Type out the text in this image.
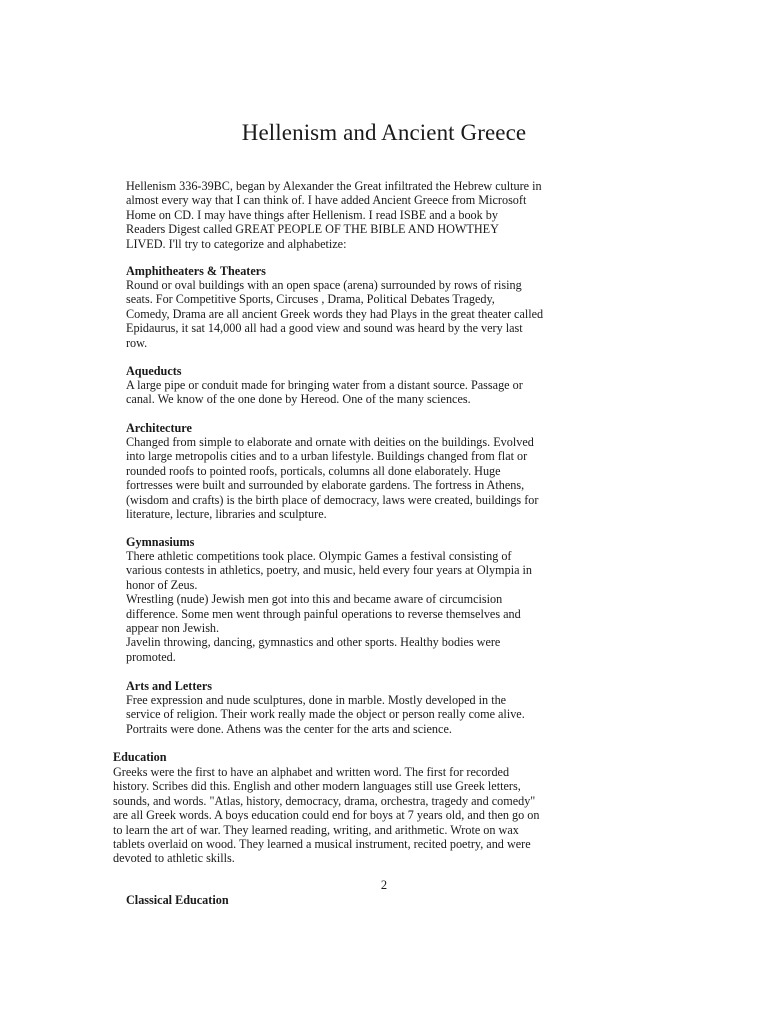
Hellenism and Ancient Greece

Hellenism 336-39BC, began by Alexander the Great infiltrated the Hebrew culture in
almost every way that I can think of. I have added Ancient Greece from Microsoft
Home on CD. I may have things after Hellenism. I read ISBE and a book by
Readers Digest called GREAT PEOPLE OF THE BIBLE AND HOWTHEY
LIVED. I'll try to categorize and alphabetize:

Amphitheaters & Theaters

Round or oval buildings with an open space (arena) surrounded by rows of rising
seats. For Competitive Sports, Circuses , Drama, Political Debates Tragedy,
Comedy, Drama are all ancient Greek words they had Plays in the great theater called
Epidaurus, it sat 14,000 all had a good view and sound was heard by the very last
row.

Aqueducts

A large pipe or conduit made for bringing water from a distant source. Passage or
canal. We know of the one done by Hereod. One of the many sciences.

Architecture

Changed from simple to elaborate and ornate with deities on the buildings. Evolved
into large metropolis cities and to a urban lifestyle. Buildings changed from flat or
rounded roofs to pointed roofs, porticals, columns all done elaborately. Huge
fortresses were built and surrounded by elaborate gardens. The fortress in Athens,
(wisdom and crafts) is the birth place of democracy, laws were created, buildings for
literature, lecture, libraries and sculpture.

Gymnasiums

There athletic competitions took place. Olympic Games a festival consisting of
various contests in athletics, poetry, and music, held every four years at Olympia in
honor of Zeus.
Wrestling (nude) Jewish men got into this and became aware of circumcision
difference. Some men went through painful operations to reverse themselves and
appear non Jewish.
Javelin throwing, dancing, gymnastics and other sports. Healthy bodies were
promoted.

Arts and Letters

Free expression and nude sculptures, done in marble. Mostly developed in the
service of religion. Their work really made the object or person really come alive.
Portraits were done. Athens was the center for the arts and science.

Education

Greeks were the first to have an alphabet and written word. The first for recorded
history. Scribes did this. English and other modern languages still use Greek letters,
sounds, and words. "Atlas, history, democracy, drama, orchestra, tragedy and comedy"
are all Greek words. A boys education could end for boys at 7 years old, and then go on
to learn the art of war. They learned reading, writing, and arithmetic. Wrote on wax
tablets overlaid on wood. They learned a musical instrument, recited poetry, and were
devoted to athletic skills.

2
Classical Education
